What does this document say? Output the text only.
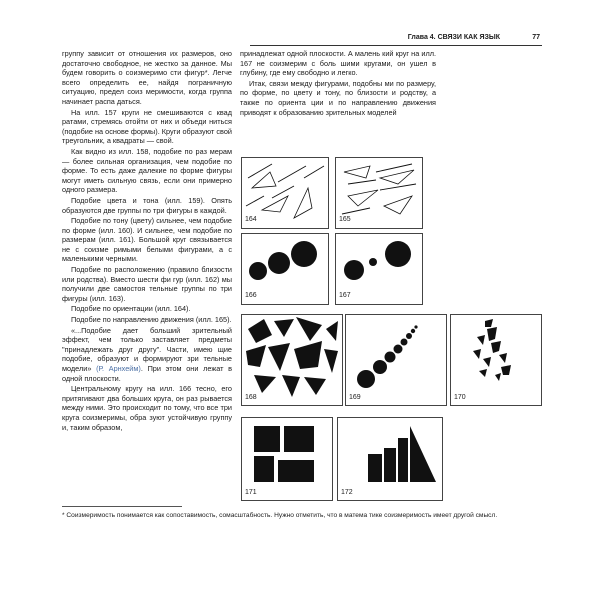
Глава 4. СВЯЗИ КАК ЯЗЫК	77

группу зависит от отношения их размеров, оно достаточно свободное, не жестко за данное. Мы будем говорить о соизмеримо сти фигур*. Легче всего определить ее, найдя пограничную ситуацию, предел соиз меримости, когда группа начинает распа даться.

На илл. 157 круги не смешиваются с квад ратами, стремясь отойти от них и объеди ниться (подобие на основе формы). Круги образуют свой треугольник, а квадраты — свой.

Как видно из илл. 158, подобие по раз мерам — более сильная организация, чем подобие по форме. То есть даже далекие по форме фигуры могут иметь сильную связь, если они примерно одного размера.

Подобие цвета и тона (илл. 159). Опять образуются две группы по три фигуры в каждой.

Подобие по тону (цвету) сильнее, чем подобие по форме (илл. 160). И сильнее, чем подобие по размерам (илл. 161). Большой круг связывается не с соизме римыми белыми фигурами, а с маленькими черными.

Подобие по расположению (правило близости или родства). Вместо шести фи гур (илл. 162) мы получили две самостоя тельные группы по три фигуры (илл. 163).

Подобие по ориентации (илл. 164).

Подобие по направлению движения (илл. 165).

«...Подобие дает больший зрительный эффект, чем только заставляет предметы "принадлежать друг другу". Части, имею щие подобие, образуют и формируют зри тельные модели» (Р. Арнхейм). При этом они лежат в одной плоскости.

Центральному кругу на илл. 166 тесно, его притягивают два больших круга, он раз рывается между ними. Это происходит по тому, что все три круга соизмеримы, обра зуют устойчивую группу и, таким образом,

принадлежат одной плоскости. А малень кий круг на илл. 167 не соизмерим с боль шими кругами, он ушел в глубину, где ему свободно и легко.

Итак, связи между фигурами, подобны ми по размеру, по форме, по цвету и тону, по близости и родству, а также по ориента ции и по направлению движения приводят к образованию зрительных моделей

164	165
166	167
168	169	170
171	172
* Соизмеримость понимается как сопоставимость, сомасштабность. Нужно отметить, что в матема тике соизмеримость имеет другой смысл.
